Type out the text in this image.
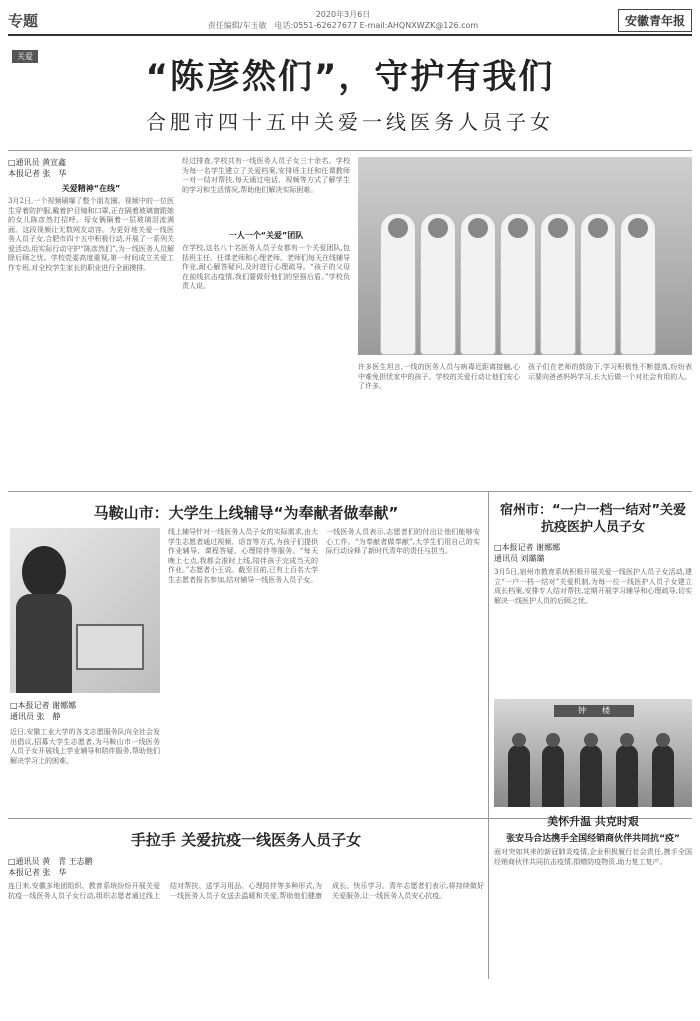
专题	2020年3月6日
责任编辑/车玉敏　电话:0551-62627677 E-mail:AHQNXWZK@126.com	安徽青年报
关爱
“陈彦然们”，守护有我们
合肥市四十五中关爱一线医务人员子女
□通讯员 黄宣鑫
本报记者 张　华
关爱精神“在线”
3月2日,一个视频刷爆了整个朋友圈。视频中的一位医生穿着防护服,戴着护目镜和口罩,正在隔着玻璃窗跟她的女儿陈彦然打招呼。母女俩隔着一层玻璃泪流满面。这段视频让无数网友动容。为更好地关爱一线医务人员子女,合肥市四十五中积极行动,开展了一系列关爱活动,用实际行动守护“陈彦然们”,为一线医务人员解除后顾之忧。学校党委高度重视,第一时间成立关爱工作专班,对全校学生家长的职业进行全面摸排。
经过排查,学校共有一线医务人员子女三十余名。学校为每一名学生建立了关爱档案,安排班主任和任课教师一对一结对帮扶,每天通过电话、视频等方式了解学生的学习和生活情况,帮助他们解决实际困难。
一人一个“关爱”团队
在学校,这名八十名医务人员子女都有一个关爱团队,包括班主任、任课老师和心理老师。老师们每天在线辅导作业,耐心解答疑问,及时进行心理疏导。“孩子的父母在前线抗击疫情,我们要做好他们的坚强后盾。”学校负责人说。
许多医生坦言,一线的医务人员与病毒近距离接触,心中难免担忧家中的孩子。学校的关爱行动让他们安心了许多。
孩子们在老师的鼓励下,学习积极性不断提高,纷纷表示要向爸爸妈妈学习,长大后做一个对社会有用的人。
马鞍山市：大学生上线辅导“为奉献者做奉献”
□本报记者 谢娜娜
通讯员 张　静
近日,安徽工业大学的各支志愿服务队向全社会发出倡议,招募大学生志愿者,为马鞍山市一线医务人员子女开展线上学业辅导和陪伴服务,帮助他们解决学习上的困难。
线上辅导针对一线医务人员子女的实际需求,由大学生志愿者通过视频、语音等方式,为孩子们提供作业辅导、课程答疑、心理陪伴等服务。“每天晚上七点,我都会准时上线,陪伴孩子完成当天的作业。”志愿者小王说。截至目前,已有上百名大学生志愿者报名参加,结对辅导一线医务人员子女。
一线医务人员表示,志愿者们的付出让他们能够安心工作。“为奉献者做奉献”,大学生们用自己的实际行动诠释了新时代青年的责任与担当。
宿州市：“一户一档一结对”关爱抗疫医护人员子女
□本报记者 谢娜娜
通讯员 刘璐璐
3月5日,宿州市教育系统积极开展关爱一线医护人员子女活动,建立“一户一档一结对”关爱机制,为每一位一线医护人员子女建立成长档案,安排专人结对帮扶,定期开展学习辅导和心理疏导,切实解决一线医护人员的后顾之忧。
手拉手 关爱抗疫一线医务人员子女
□通讯员 黄　青 王志鹏
本报记者 张　华
连日来,安徽多地团组织、教育系统纷纷开展关爱抗疫一线医务人员子女行动,组织志愿者通过线上结对帮扶、送学习用品、心理陪伴等多种形式,为一线医务人员子女送去温暖和关爱,帮助他们健康成长、快乐学习。青年志愿者们表示,将持续做好关爱服务,让一线医务人员安心抗疫。
钟　　楼
美怀升温 共克时艰
张安马合达携手全国经销商伙伴共同抗“疫”
面对突如其来的新冠肺炎疫情,企业积极履行社会责任,携手全国经销商伙伴共同抗击疫情,捐赠防疫物资,助力复工复产。
